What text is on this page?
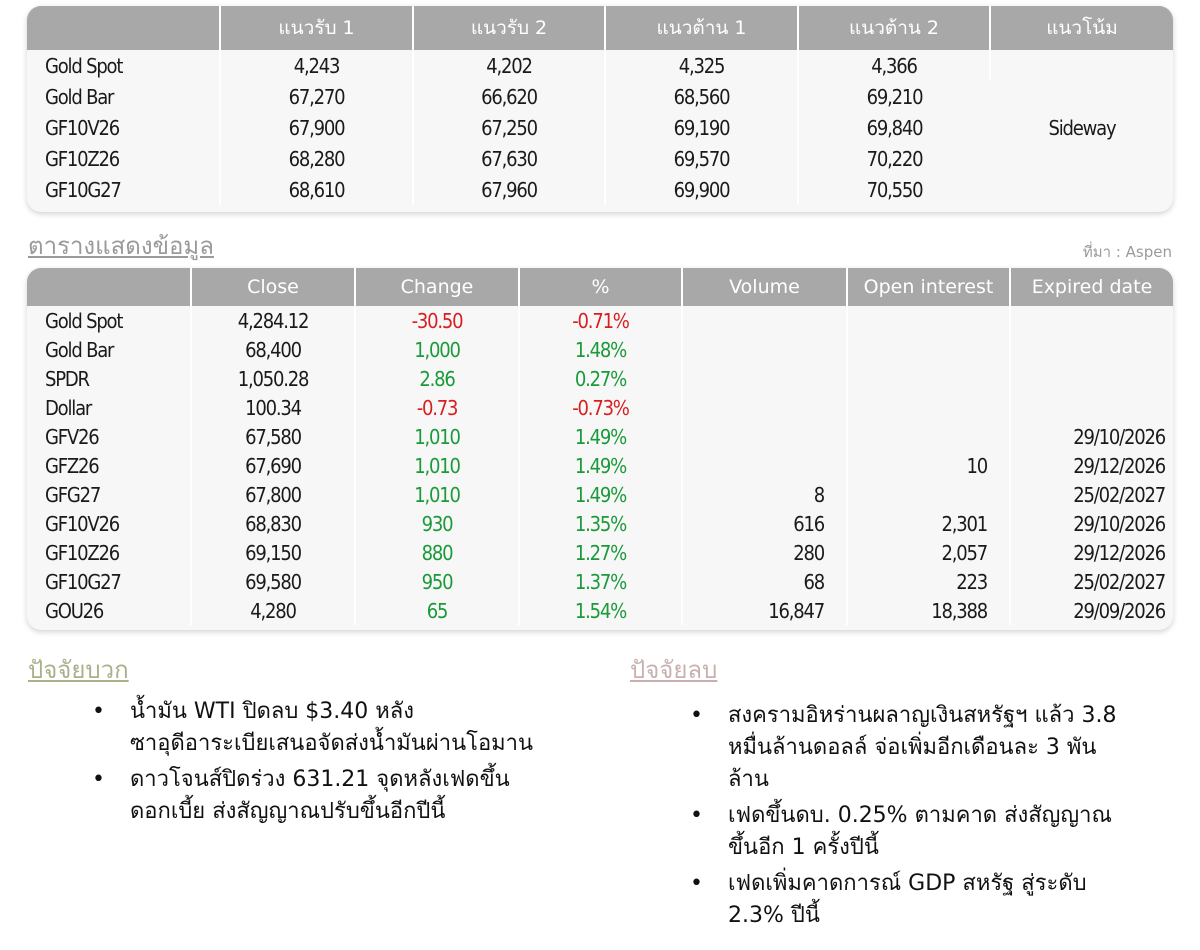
	แนวรับ 1	แนวรับ 2	แนวต้าน 1	แนวต้าน 2	แนวโน้ม
Gold Spot	4,243	4,202	4,325	4,366	Sideway
Gold Bar	67,270	66,620	68,560	69,210	
GF10V26	67,900	67,250	69,190	69,840	
GF10Z26	68,280	67,630	69,570	70,220	
GF10G27	68,610	67,960	69,900	70,550	
ตารางแสดงข้อมูล	ที่มา : Aspen
	Close	Change	%	Volume	Open interest	Expired date
Gold Spot	4,284.12	-30.50	-0.71%			
Gold Bar	68,400	1,000	1.48%			
SPDR	1,050.28	2.86	0.27%			
Dollar	100.34	-0.73	-0.73%			
GFV26	67,580	1,010	1.49%			29/10/2026
GFZ26	67,690	1,010	1.49%		10	29/12/2026
GFG27	67,800	1,010	1.49%	8		25/02/2027
GF10V26	68,830	930	1.35%	616	2,301	29/10/2026
GF10Z26	69,150	880	1.27%	280	2,057	29/12/2026
GF10G27	69,580	950	1.37%	68	223	25/02/2027
GOU26	4,280	65	1.54%	16,847	18,388	29/09/2026
ปัจจัยบวก
• น้ำมัน WTI ปิดลบ $3.40 หลังซาอุดีอาระเบียเสนอจัดส่งน้ำมันผ่านโอมาน
• ดาวโจนส์ปิดร่วง 631.21 จุดหลังเฟดขึ้นดอกเบี้ย ส่งสัญญาณปรับขึ้นอีกปีนี้
ปัจจัยลบ
• สงครามอิหร่านผลาญเงินสหรัฐฯ แล้ว 3.8 หมื่นล้านดอลล์ จ่อเพิ่มอีกเดือนละ 3 พันล้าน
• เฟดขึ้นดบ. 0.25% ตามคาด ส่งสัญญาณขึ้นอีก 1 ครั้งปีนี้
• เฟดเพิ่มคาดการณ์ GDP สหรัฐ สู่ระดับ 2.3% ปีนี้
